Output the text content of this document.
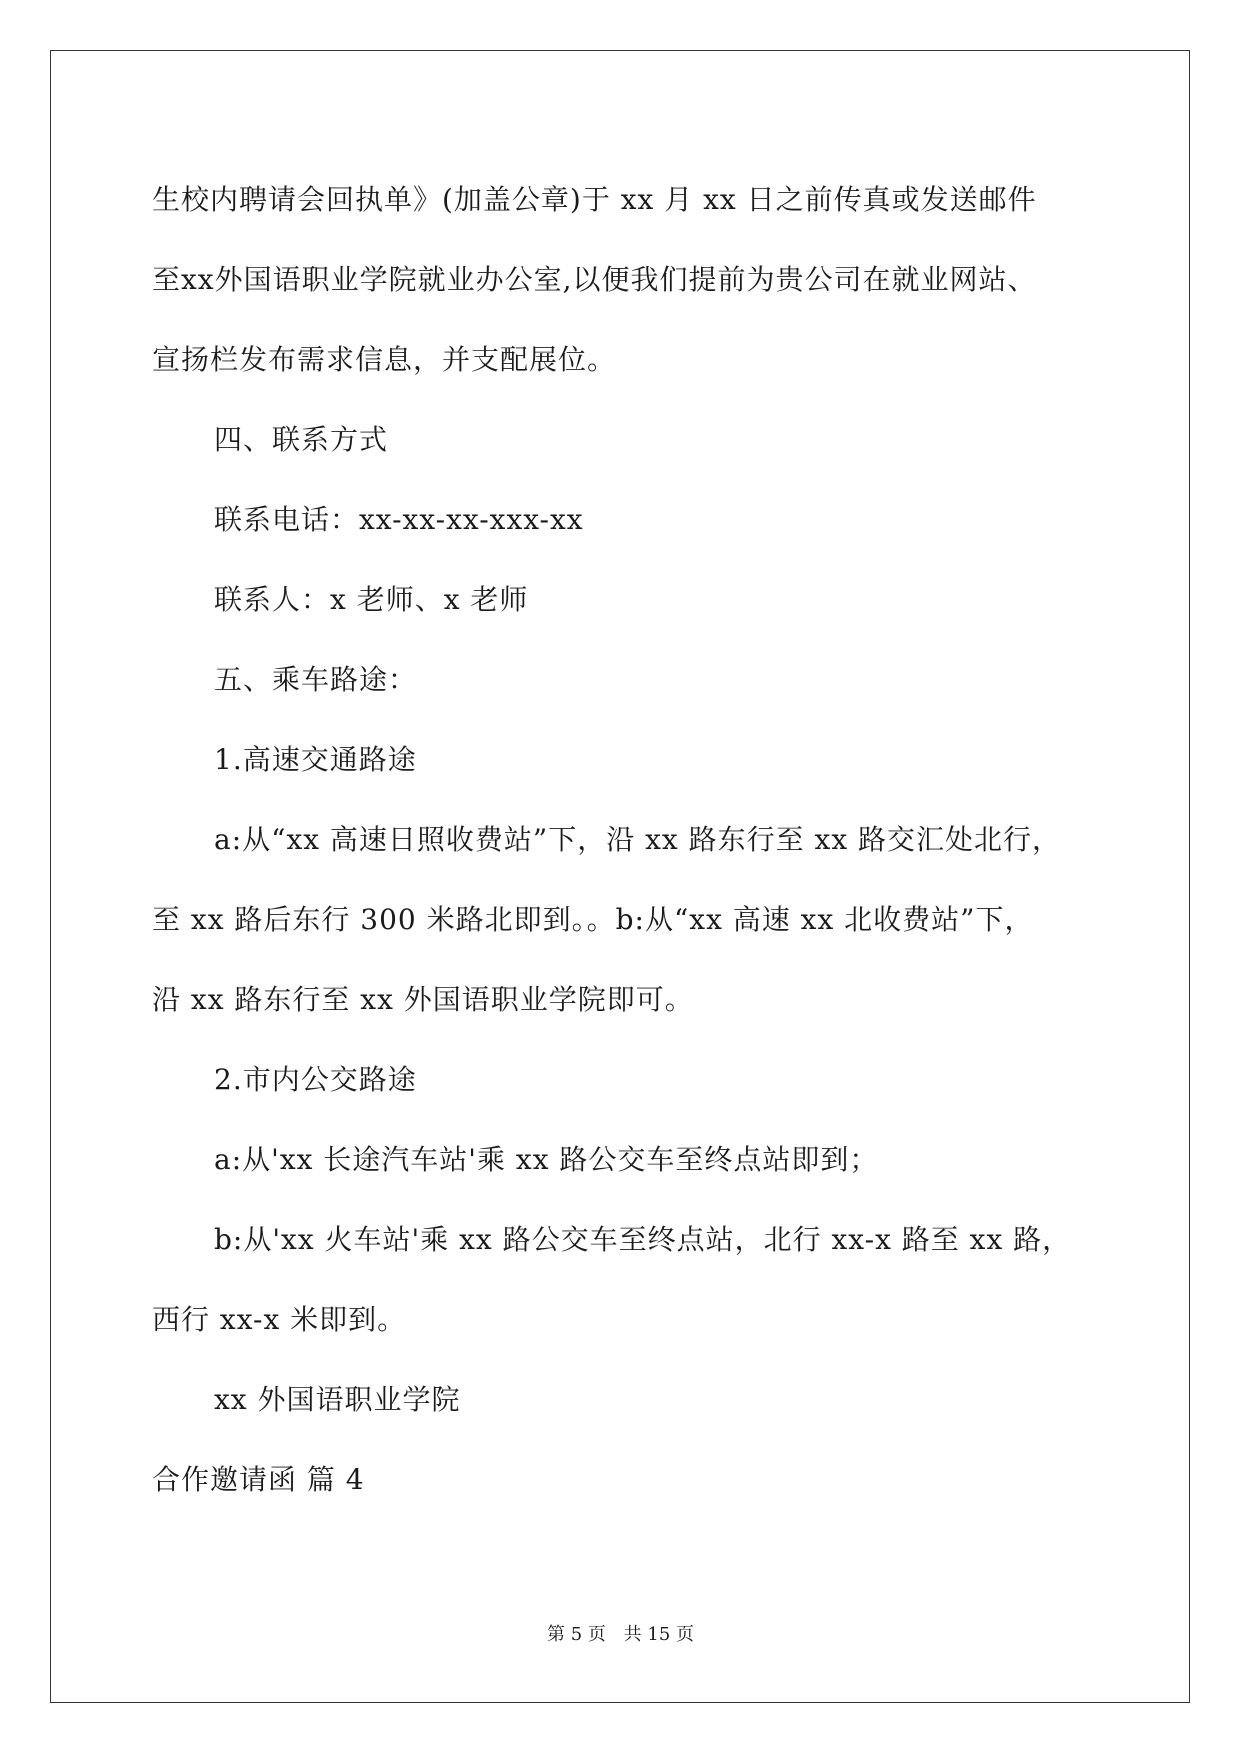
生校内聘请会回执单》(加盖公章)于 xx 月 xx 日之前传真或发送邮件
至xx外国语职业学院就业办公室,以便我们提前为贵公司在就业网站、
宣扬栏发布需求信息，并支配展位。
四、联系方式
联系电话：xx-xx-xx-xxx-xx
联系人：x 老师、x 老师
五、乘车路途：
1.高速交通路途
a:从“xx 高速日照收费站”下，沿 xx 路东行至 xx 路交汇处北行，
至 xx 路后东行 300 米路北即到。。b:从“xx 高速 xx 北收费站”下，
沿 xx 路东行至 xx 外国语职业学院即可。
2.市内公交路途
a:从'xx 长途汽车站'乘 xx 路公交车至终点站即到；
b:从'xx 火车站'乘 xx 路公交车至终点站，北行 xx-x 路至 xx 路，
西行 xx-x 米即到。
xx 外国语职业学院
合作邀请函 篇 4
第 5 页 共 15 页
